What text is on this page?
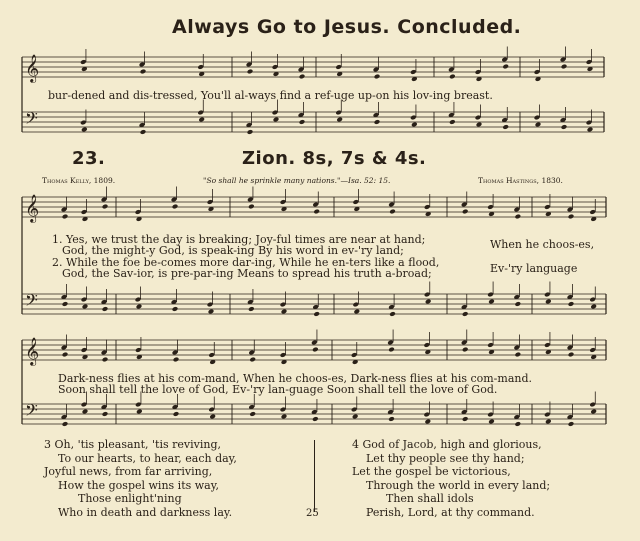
𝄞
𝄢
𝄞
𝄢
𝄞
𝄢
Always Go to Jesus. Concluded.
bur-dened and dis-tressed, You'll al-ways find a ref-uge up-on his lov-ing breast.
23.	Zion. 8s, 7s & 4s.
Thomas Kelly, 1809.	"So shall he sprinkle many nations."—Isa. 52: 15.	Thomas Hastings, 1830.
1. Yes, we trust the day is breaking; Joy-ful times are near at hand;
God, the might-y God, is speak-ing By his word in ev-'ry land;
2. While the foe be-comes more dar-ing, While he en-ters like a flood,
God, the Sav-ior, is pre-par-ing Means to spread his truth a-broad;
When he choos-es,
Ev-'ry language
Dark-ness flies at his com-mand, When he choos-es, Dark-ness flies at his com-mand.
Soon shall tell the love of God, Ev-'ry lan-guage Soon shall tell the love of God.
3 Oh, 'tis pleasant, 'tis reviving,
To our hearts, to hear, each day,
Joyful news, from far arriving,
How the gospel wins its way,
Those enlight'ning
Who in death and darkness lay.
4 God of Jacob, high and glorious,
Let thy people see thy hand;
Let the gospel be victorious,
Through the world in every land;
Then shall idols
Perish, Lord, at thy command.
25
